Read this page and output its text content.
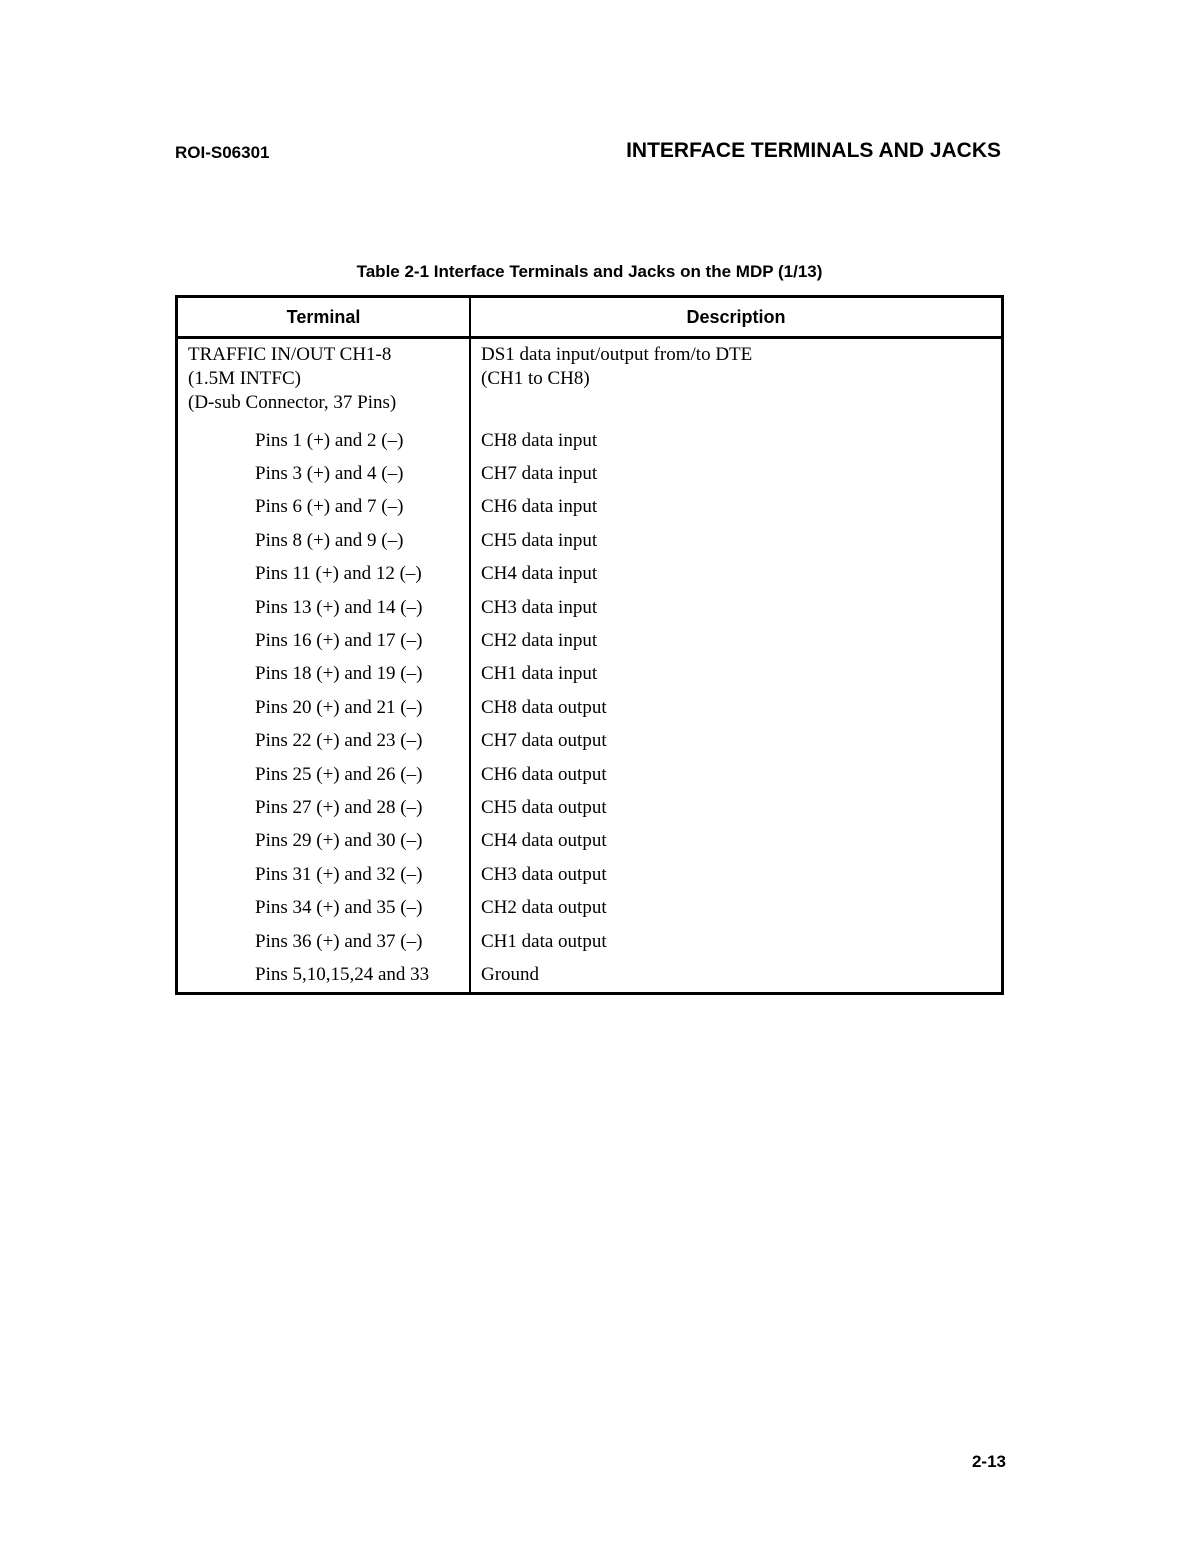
ROI-S06301	INTERFACE TERMINALS AND JACKS
Table 2-1 Interface Terminals and Jacks on the MDP (1/13)
Terminal	Description

TRAFFIC IN/OUT CH1-8
(1.5M INTFC)
(D-sub Connector, 37 Pins)	DS1 data input/output from/to DTE
(CH1 to CH8)

Pins 1 (+) and 2 (–)	CH8 data input
Pins 3 (+) and 4 (–)	CH7 data input
Pins 6 (+) and 7 (–)	CH6 data input
Pins 8 (+) and 9 (–)	CH5 data input
Pins 11 (+) and 12 (–)	CH4 data input
Pins 13 (+) and 14 (–)	CH3 data input
Pins 16 (+) and 17 (–)	CH2 data input
Pins 18 (+) and 19 (–)	CH1 data input
Pins 20 (+) and 21 (–)	CH8 data output
Pins 22 (+) and 23 (–)	CH7 data output
Pins 25 (+) and 26 (–)	CH6 data output
Pins 27 (+) and 28 (–)	CH5 data output
Pins 29 (+) and 30 (–)	CH4 data output
Pins 31 (+) and 32 (–)	CH3 data output
Pins 34 (+) and 35 (–)	CH2 data output
Pins 36 (+) and 37 (–)	CH1 data output
Pins 5,10,15,24 and 33	Ground
2-13
